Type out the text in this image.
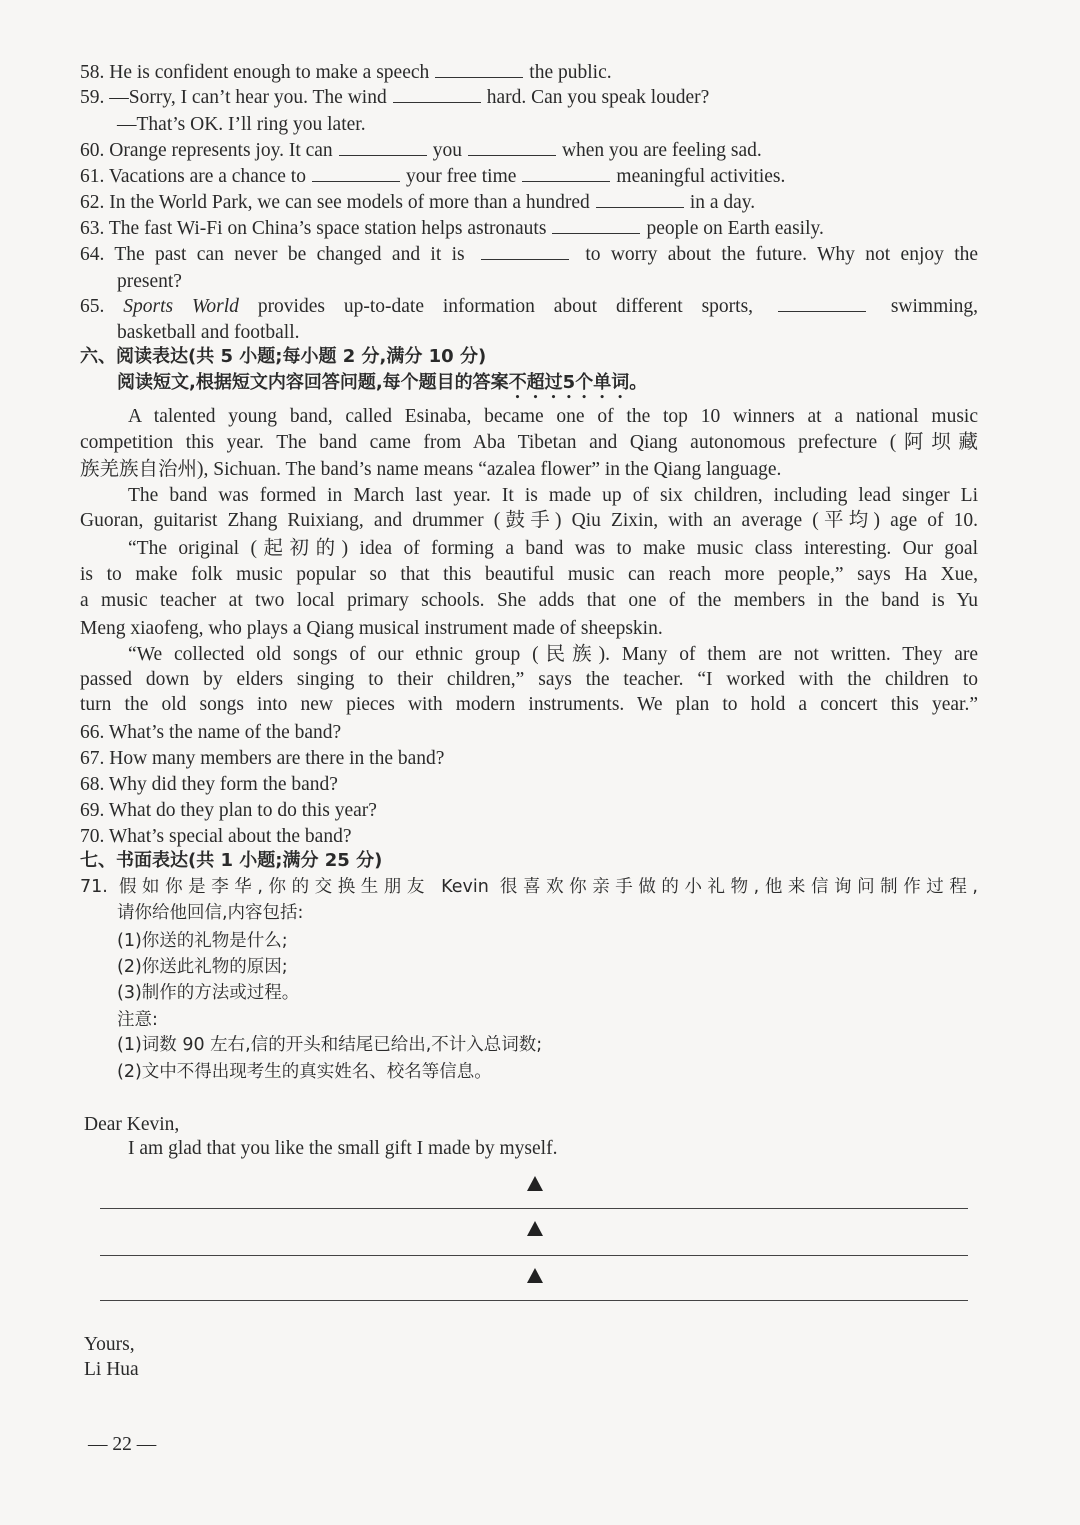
58. He is confident enough to make a speech	the public.
59. —Sorry, I can’t hear you. The wind	hard. Can you speak louder?
—That’s OK. I’ll ring you later.
60. Orange represents joy. It can	you	when you are feeling sad.
61. Vacations are a chance to	your free time	meaningful activities.
62. In the World Park, we can see models of more than a hundred	in a day.
63. The fast Wi-Fi on China’s space station helps astronauts	people on Earth easily.
64. The past can never be changed and it is	to worry about the future. Why not enjoy the
present?
65. Sports World provides up-to-date information about different sports,	swimming,
basketball and football.
六、阅读表达(共 5 小题;每小题 2 分,满分 10 分)
阅读短文,根据短文内容回答问题,每个题目的答案不超过5个单词。
A talented young band, called Esinaba, became one of the top 10 winners at a national music
competition this year. The band came from Aba Tibetan and Qiang autonomous prefecture (阿坝藏
族羌族自治州), Sichuan. The band’s name means “azalea flower” in the Qiang language.
The band was formed in March last year. It is made up of six children, including lead singer Li
Guoran, guitarist Zhang Ruixiang, and drummer (鼓手) Qiu Zixin, with an average (平均) age of 10.
“The original (起初的) idea of forming a band was to make music class interesting. Our goal
is to make folk music popular so that this beautiful music can reach more people,” says Ha Xue,
a music teacher at two local primary schools. She adds that one of the members in the band is Yu
Meng xiaofeng, who plays a Qiang musical instrument made of sheepskin.
“We collected old songs of our ethnic group (民族). Many of them are not written. They are
passed down by elders singing to their children,” says the teacher. “I worked with the children to
turn the old songs into new pieces with modern instruments. We plan to hold a concert this year.”
66. What’s the name of the band?
67. How many members are there in the band?
68. Why did they form the band?
69. What do they plan to do this year?
70. What’s special about the band?
七、书面表达(共 1 小题;满分 25 分)
71. 假如你是李华,你的交换生朋友 Kevin 很喜欢你亲手做的小礼物,他来信询问制作过程,
请你给他回信,内容包括:
(1)你送的礼物是什么;
(2)你送此礼物的原因;
(3)制作的方法或过程。
注意:
(1)词数 90 左右,信的开头和结尾已给出,不计入总词数;
(2)文中不得出现考生的真实姓名、校名等信息。
Dear Kevin,
I am glad that you like the small gift I made by myself.
Yours,
Li Hua
— 22 —
